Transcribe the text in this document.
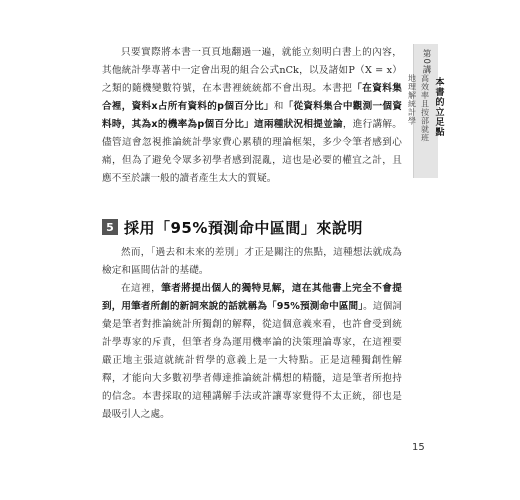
只要實際將本書一頁頁地翻過一遍，就能立刻明白書上的內容，其他統計學專著中一定會出現的組合公式nCk，以及諸如P（X = x）之類的隨機變數符號，在本書裡統統都不會出現。本書把「在資料集合裡，資料x占所有資料的p個百分比」和「從資料集合中觀測一個資料時，其為x的機率為p個百分比」這兩種狀況相提並論，進行講解。儘管這會忽視推論統計學家費心累積的理論框架，多少令筆者感到心痛，但為了避免令眾多初學者感到混亂，這也是必要的權宜之計，且應不至於讓一般的讀者產生太大的質疑。

5 採用「95%預測命中區間」來說明

然而，「過去和未來的差別」才正是關注的焦點，這種想法就成為檢定和區間估計的基礎。

在這裡，筆者將提出個人的獨特見解，這在其他書上完全不會提到，用筆者所創的新詞來說的話就稱為「95%預測命中區間」。這個詞彙是筆者對推論統計所獨創的解釋，從這個意義來看，也許會受到統計學專家的斥責，但筆者身為運用機率論的決策理論專家，在這裡要嚴正地主張這就統計哲學的意義上是一大特點。正是這種獨創性解釋，才能向大多數初學者傳達推論統計構想的精髓，這是筆者所抱持的信念。本書採取的這種講解手法或許讓專家覺得不太正統，卻也是最吸引人之處。

第0講
本書的立足點
高效率且按部就班
地理解統計學
15
